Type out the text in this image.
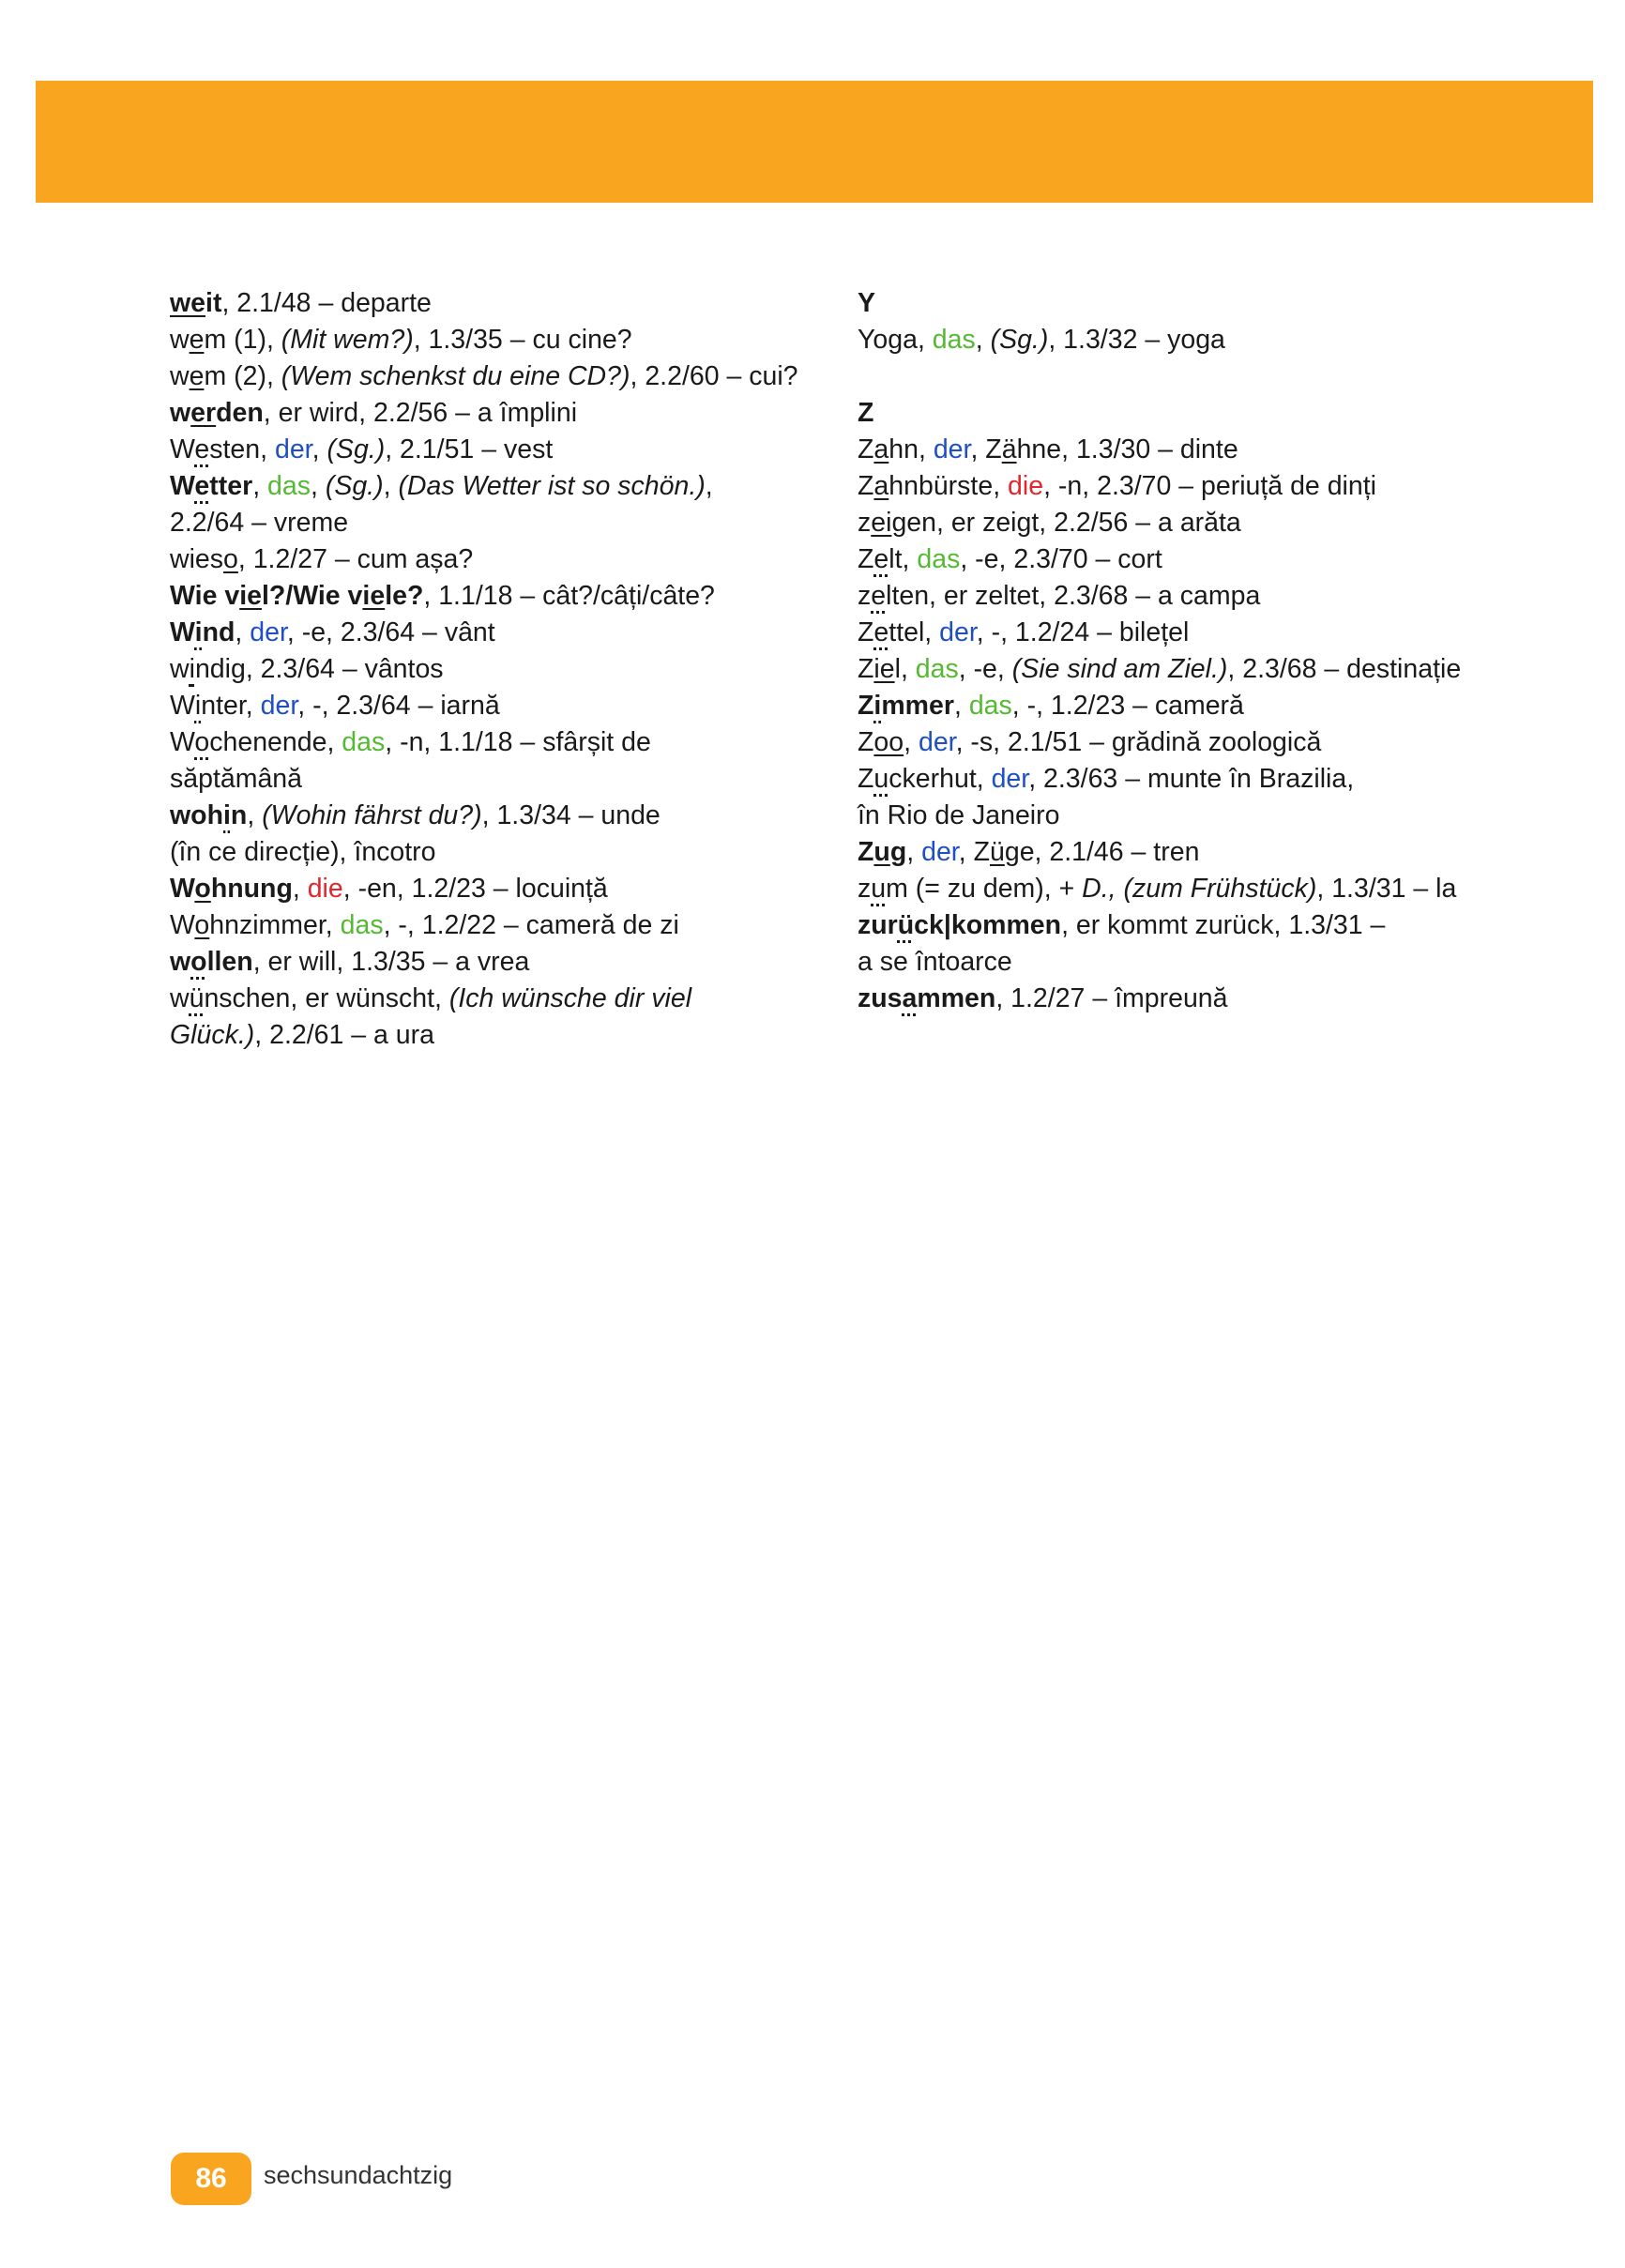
weit, 2.1/48 – departe
wem (1), (Mit wem?), 1.3/35 – cu cine?
wem (2), (Wem schenkst du eine CD?), 2.2/60 – cui?
werden, er wird, 2.2/56 – a împlini
Westen, der, (Sg.), 2.1/51 – vest
Wetter, das, (Sg.), (Das Wetter ist so schön.),
2.2/64 – vreme
wieso, 1.2/27 – cum așa?
Wie viel?/Wie viele?, 1.1/18 – cât?/câți/câte?
Wind, der, -e, 2.3/64 – vânt
windig, 2.3/64 – vântos
Winter, der, -, 2.3/64 – iarnă
Wochenende, das, -n, 1.1/18 – sfârșit de
săptămână
wohin, (Wohin fährst du?), 1.3/34 – unde
(în ce direcție), încotro
Wohnung, die, -en, 1.2/23 – locuință
Wohnzimmer, das, -, 1.2/22 – cameră de zi
wollen, er will, 1.3/35 – a vrea
wünschen, er wünscht, (Ich wünsche dir viel
Glück.), 2.2/61 – a ura
Y
Yoga, das, (Sg.), 1.3/32 – yoga
Z
Zahn, der, Zähne, 1.3/30 – dinte
Zahnbürste, die, -n, 2.3/70 – periuță de dinți
zeigen, er zeigt, 2.2/56 – a arăta
Zelt, das, -e, 2.3/70 – cort
zelten, er zeltet, 2.3/68 – a campa
Zettel, der, -, 1.2/24 – bilețel
Ziel, das, -e, (Sie sind am Ziel.), 2.3/68 – destinație
Zimmer, das, -, 1.2/23 – cameră
Zoo, der, -s, 2.1/51 – grădină zoologică
Zuckerhut, der, 2.3/63 – munte în Brazilia,
în Rio de Janeiro
Zug, der, Züge, 2.1/46 – tren
zum (= zu dem), + D., (zum Frühstück), 1.3/31 – la
zurück|kommen, er kommt zurück, 1.3/31 –
a se întoarce
zusammen, 1.2/27 – împreună
86	sechsundachtzig
